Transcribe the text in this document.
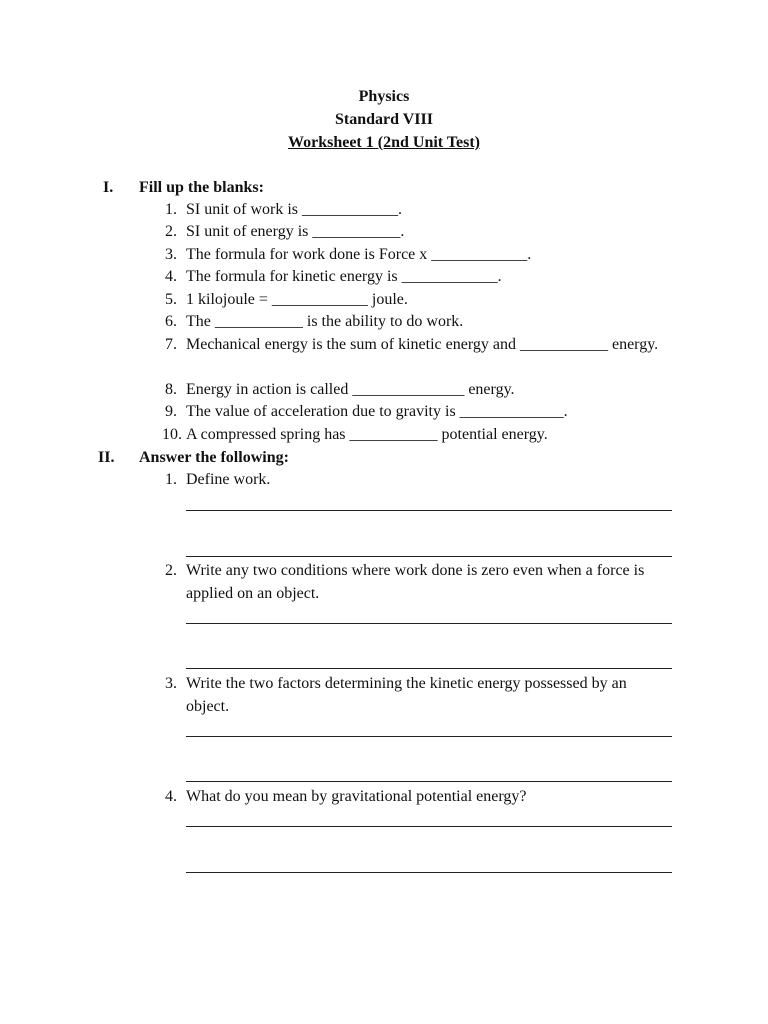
Physics
Standard VIII
Worksheet 1 (2nd Unit Test)
I. Fill up the blanks:
1. SI unit of work is ____________.
2. SI unit of energy is ___________.
3. The formula for work done is Force x ____________.
4. The formula for kinetic energy is ____________.
5. 1 kilojoule = ____________ joule.
6. The ___________ is the ability to do work.
7. Mechanical energy is the sum of kinetic energy and ___________ energy.
8. Energy in action is called ______________ energy.
9. The value of acceleration due to gravity is _____________.
10. A compressed spring has ___________ potential energy.
II. Answer the following:
1. Define work.
2. Write any two conditions where work done is zero even when a force is applied on an object.
3. Write the two factors determining the kinetic energy possessed by an object.
4. What do you mean by gravitational potential energy?
